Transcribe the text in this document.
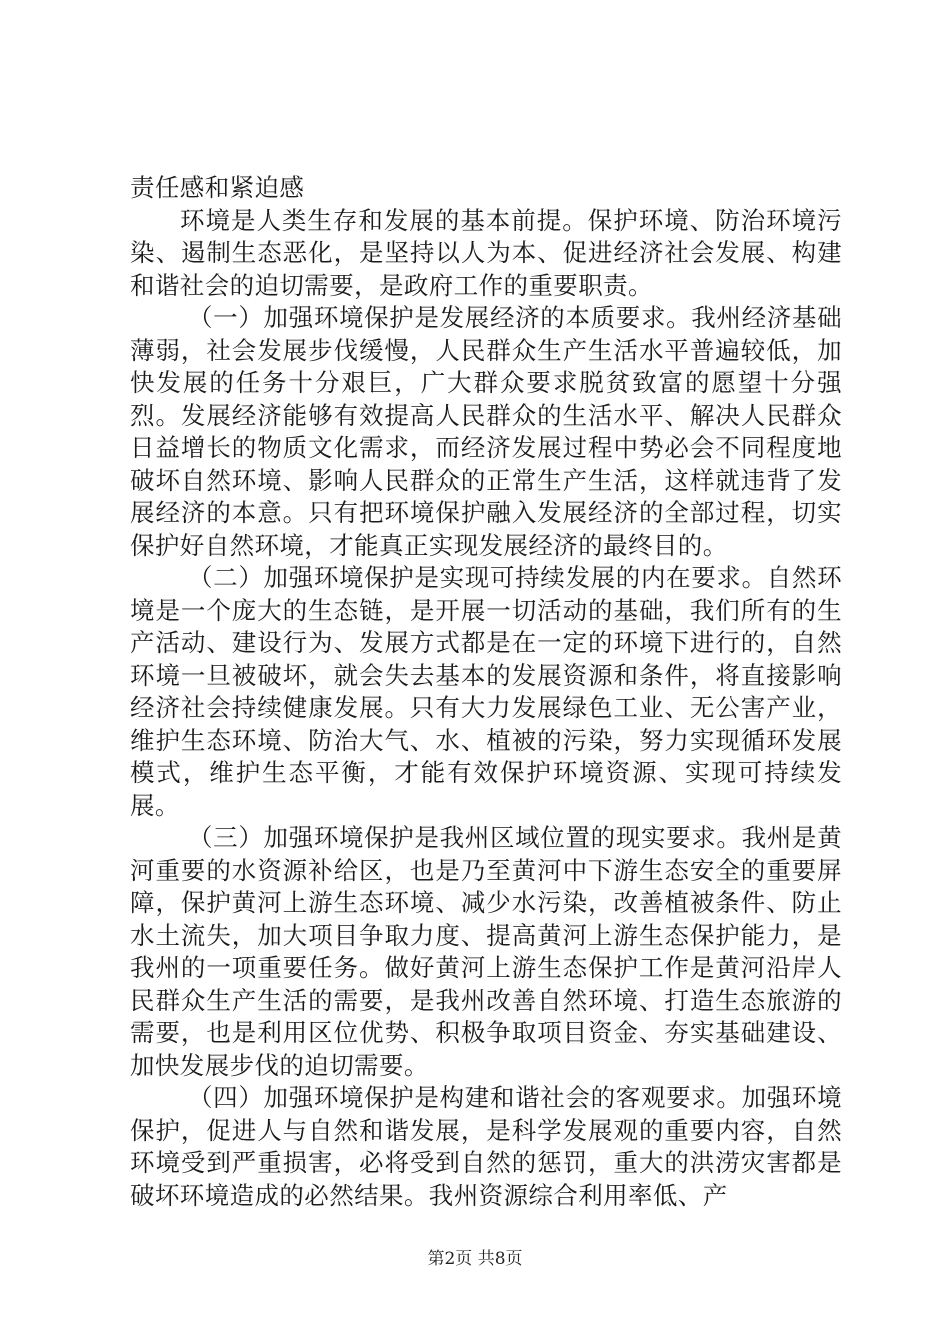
责任感和紧迫感

环境是人类生存和发展的基本前提。保护环境、防治环境污染、遏制生态恶化，是坚持以人为本、促进经济社会发展、构建和谐社会的迫切需要，是政府工作的重要职责。

（一）加强环境保护是发展经济的本质要求。我州经济基础薄弱，社会发展步伐缓慢，人民群众生产生活水平普遍较低，加快发展的任务十分艰巨，广大群众要求脱贫致富的愿望十分强烈。发展经济能够有效提高人民群众的生活水平、解决人民群众日益增长的物质文化需求，而经济发展过程中势必会不同程度地破坏自然环境、影响人民群众的正常生产生活，这样就违背了发展经济的本意。只有把环境保护融入发展经济的全部过程，切实保护好自然环境，才能真正实现发展经济的最终目的。

（二）加强环境保护是实现可持续发展的内在要求。自然环境是一个庞大的生态链，是开展一切活动的基础，我们所有的生产活动、建设行为、发展方式都是在一定的环境下进行的，自然环境一旦被破坏，就会失去基本的发展资源和条件，将直接影响经济社会持续健康发展。只有大力发展绿色工业、无公害产业，维护生态环境、防治大气、水、植被的污染，努力实现循环发展模式，维护生态平衡，才能有效保护环境资源、实现可持续发展。

（三）加强环境保护是我州区域位置的现实要求。我州是黄河重要的水资源补给区，也是乃至黄河中下游生态安全的重要屏障，保护黄河上游生态环境、减少水污染，改善植被条件、防止水土流失，加大项目争取力度、提高黄河上游生态保护能力，是我州的一项重要任务。做好黄河上游生态保护工作是黄河沿岸人民群众生产生活的需要，是我州改善自然环境、打造生态旅游的需要，也是利用区位优势、积极争取项目资金、夯实基础建设、加快发展步伐的迫切需要。

（四）加强环境保护是构建和谐社会的客观要求。加强环境保护，促进人与自然和谐发展，是科学发展观的重要内容，自然环境受到严重损害，必将受到自然的惩罚，重大的洪涝灾害都是破坏环境造成的必然结果。我州资源综合利用率低、产

第2页 共8页
